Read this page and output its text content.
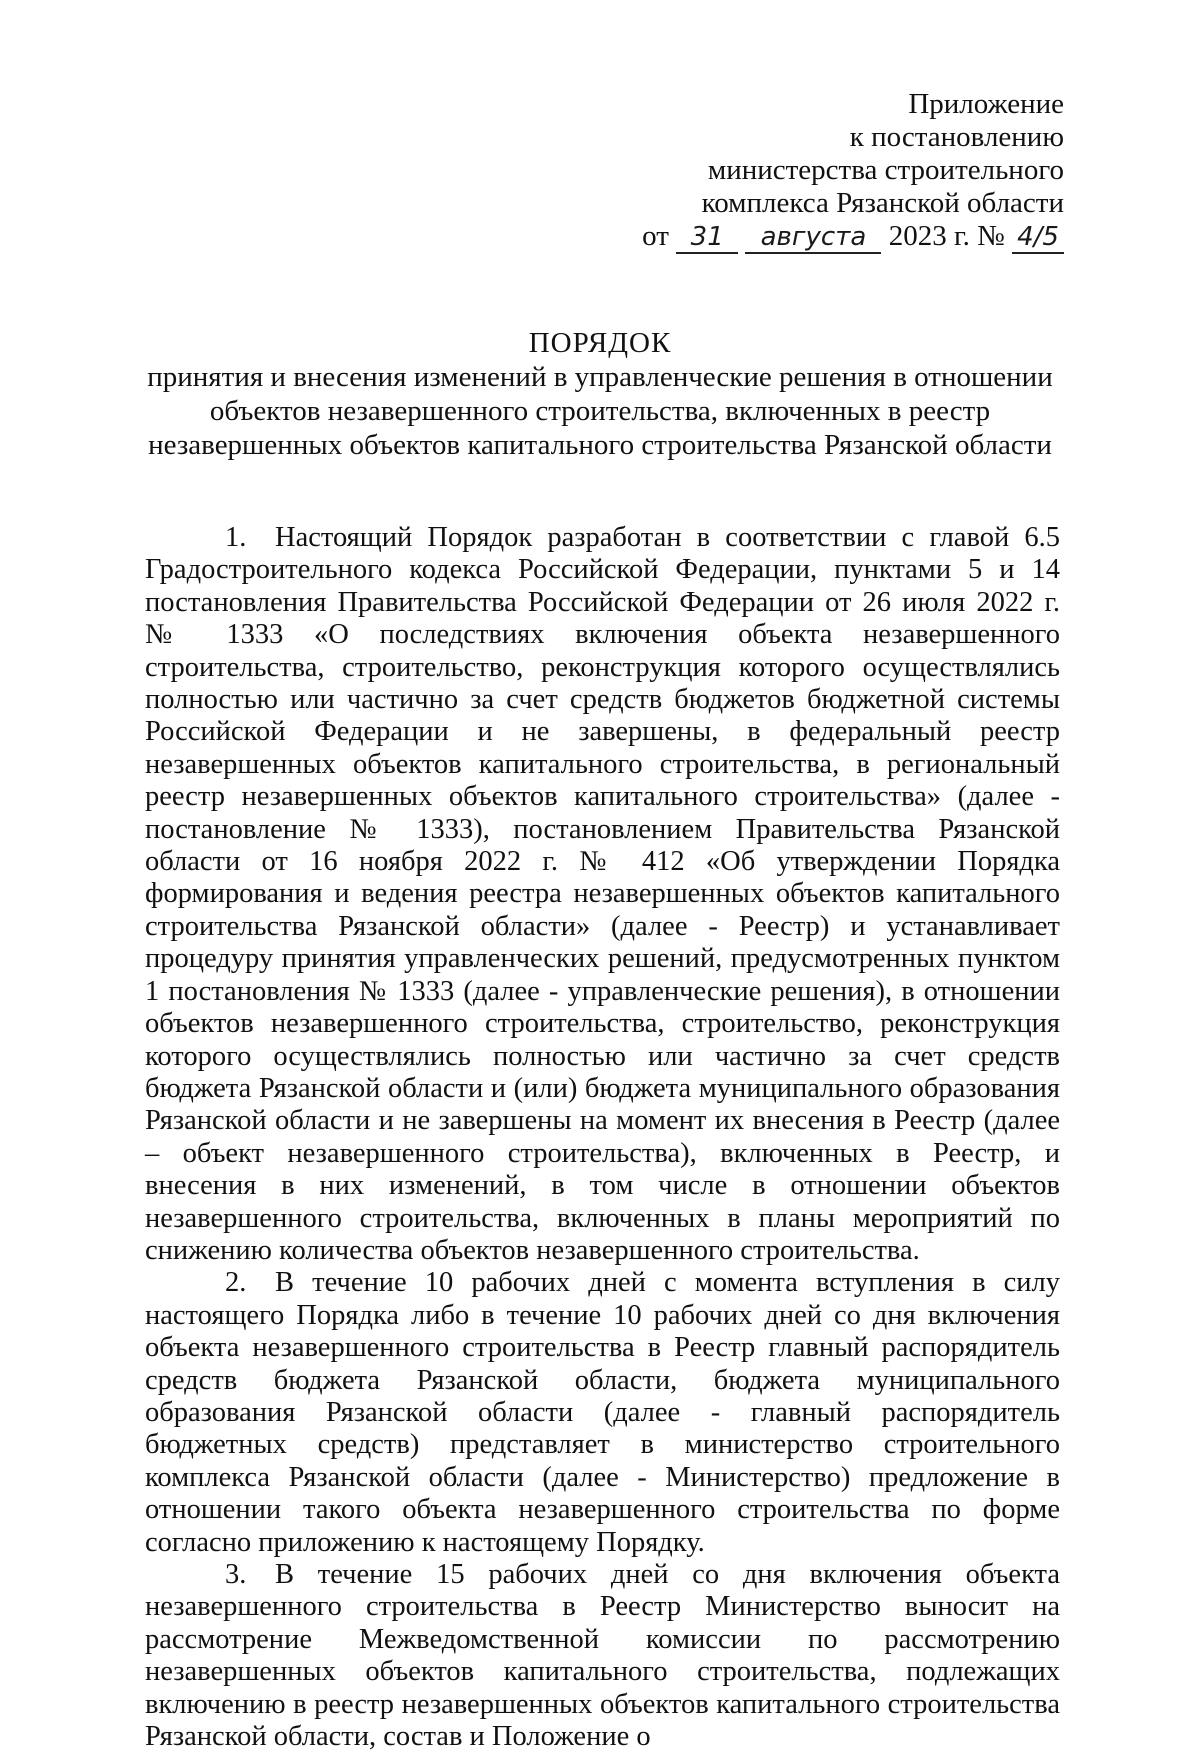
Приложение
к постановлению
министерства строительного
комплекса Рязанской области
от 31 августа 2023 г. № 4/5
ПОРЯДОК
принятия и внесения изменений в управленческие решения в отношении объектов незавершенного строительства, включенных в реестр незавершенных объектов капитального строительства Рязанской области

1. Настоящий Порядок разработан в соответствии с главой 6.5 Градостроительного кодекса Российской Федерации, пунктами 5 и 14 постановления Правительства Российской Федерации от 26 июля 2022 г. № 1333 «О последствиях включения объекта незавершенного строительства, строительство, реконструкция которого осуществлялись полностью или частично за счет средств бюджетов бюджетной системы Российской Федерации и не завершены, в федеральный реестр незавершенных объектов капитального строительства, в региональный реестр незавершенных объектов капитального строительства» (далее - постановление № 1333), постановлением Правительства Рязанской области от 16 ноября 2022 г. № 412 «Об утверждении Порядка формирования и ведения реестра незавершенных объектов капитального строительства Рязанской области» (далее - Реестр) и устанавливает процедуру принятия управленческих решений, предусмотренных пунктом 1 постановления № 1333 (далее - управленческие решения), в отношении объектов незавершенного строительства, строительство, реконструкция которого осуществлялись полностью или частично за счет средств бюджета Рязанской области и (или) бюджета муниципального образования Рязанской области и не завершены на момент их внесения в Реестр (далее – объект незавершенного строительства), включенных в Реестр, и внесения в них изменений, в том числе в отношении объектов незавершенного строительства, включенных в планы мероприятий по снижению количества объектов незавершенного строительства.

2. В течение 10 рабочих дней с момента вступления в силу настоящего Порядка либо в течение 10 рабочих дней со дня включения объекта незавершенного строительства в Реестр главный распорядитель средств бюджета Рязанской области, бюджета муниципального образования Рязанской области (далее - главный распорядитель бюджетных средств) представляет в министерство строительного комплекса Рязанской области (далее - Министерство) предложение в отношении такого объекта незавершенного строительства по форме согласно приложению к настоящему Порядку.

3. В течение 15 рабочих дней со дня включения объекта незавершенного строительства в Реестр Министерство выносит на рассмотрение Межведомственной комиссии по рассмотрению незавершенных объектов капитального строительства, подлежащих включению в реестр незавершенных объектов капитального строительства Рязанской области, состав и Положение о
